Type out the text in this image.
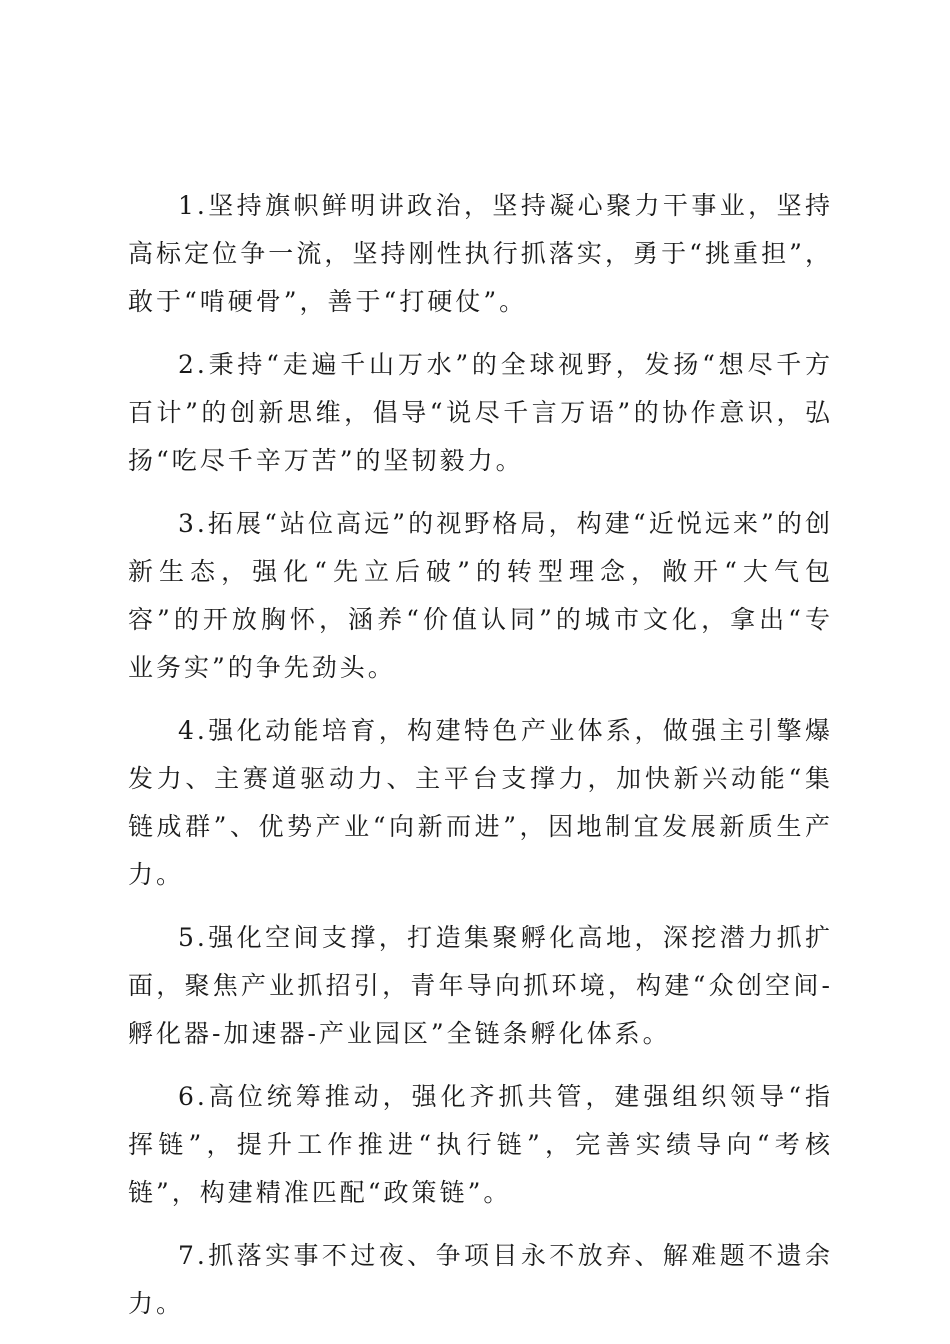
1.坚持旗帜鲜明讲政治，坚持凝心聚力干事业，坚持高标定位争一流，坚持刚性执行抓落实，勇于“挑重担”，敢于“啃硬骨”，善于“打硬仗”。

2.秉持“走遍千山万水”的全球视野，发扬“想尽千方百计”的创新思维，倡导“说尽千言万语”的协作意识，弘扬“吃尽千辛万苦”的坚韧毅力。

3.拓展“站位高远”的视野格局，构建“近悦远来”的创新生态，强化“先立后破”的转型理念，敞开“大气包容”的开放胸怀，涵养“价值认同”的城市文化，拿出“专业务实”的争先劲头。

4.强化动能培育，构建特色产业体系，做强主引擎爆发力、主赛道驱动力、主平台支撑力，加快新兴动能“集链成群”、优势产业“向新而进”，因地制宜发展新质生产力。

5.强化空间支撑，打造集聚孵化高地，深挖潜力抓扩面，聚焦产业抓招引，青年导向抓环境，构建“众创空间-孵化器-加速器-产业园区”全链条孵化体系。

6.高位统筹推动，强化齐抓共管，建强组织领导“指挥链”，提升工作推进“执行链”，完善实绩导向“考核链”，构建精准匹配“政策链”。

7.抓落实事不过夜、争项目永不放弃、解难题不遗余力。
